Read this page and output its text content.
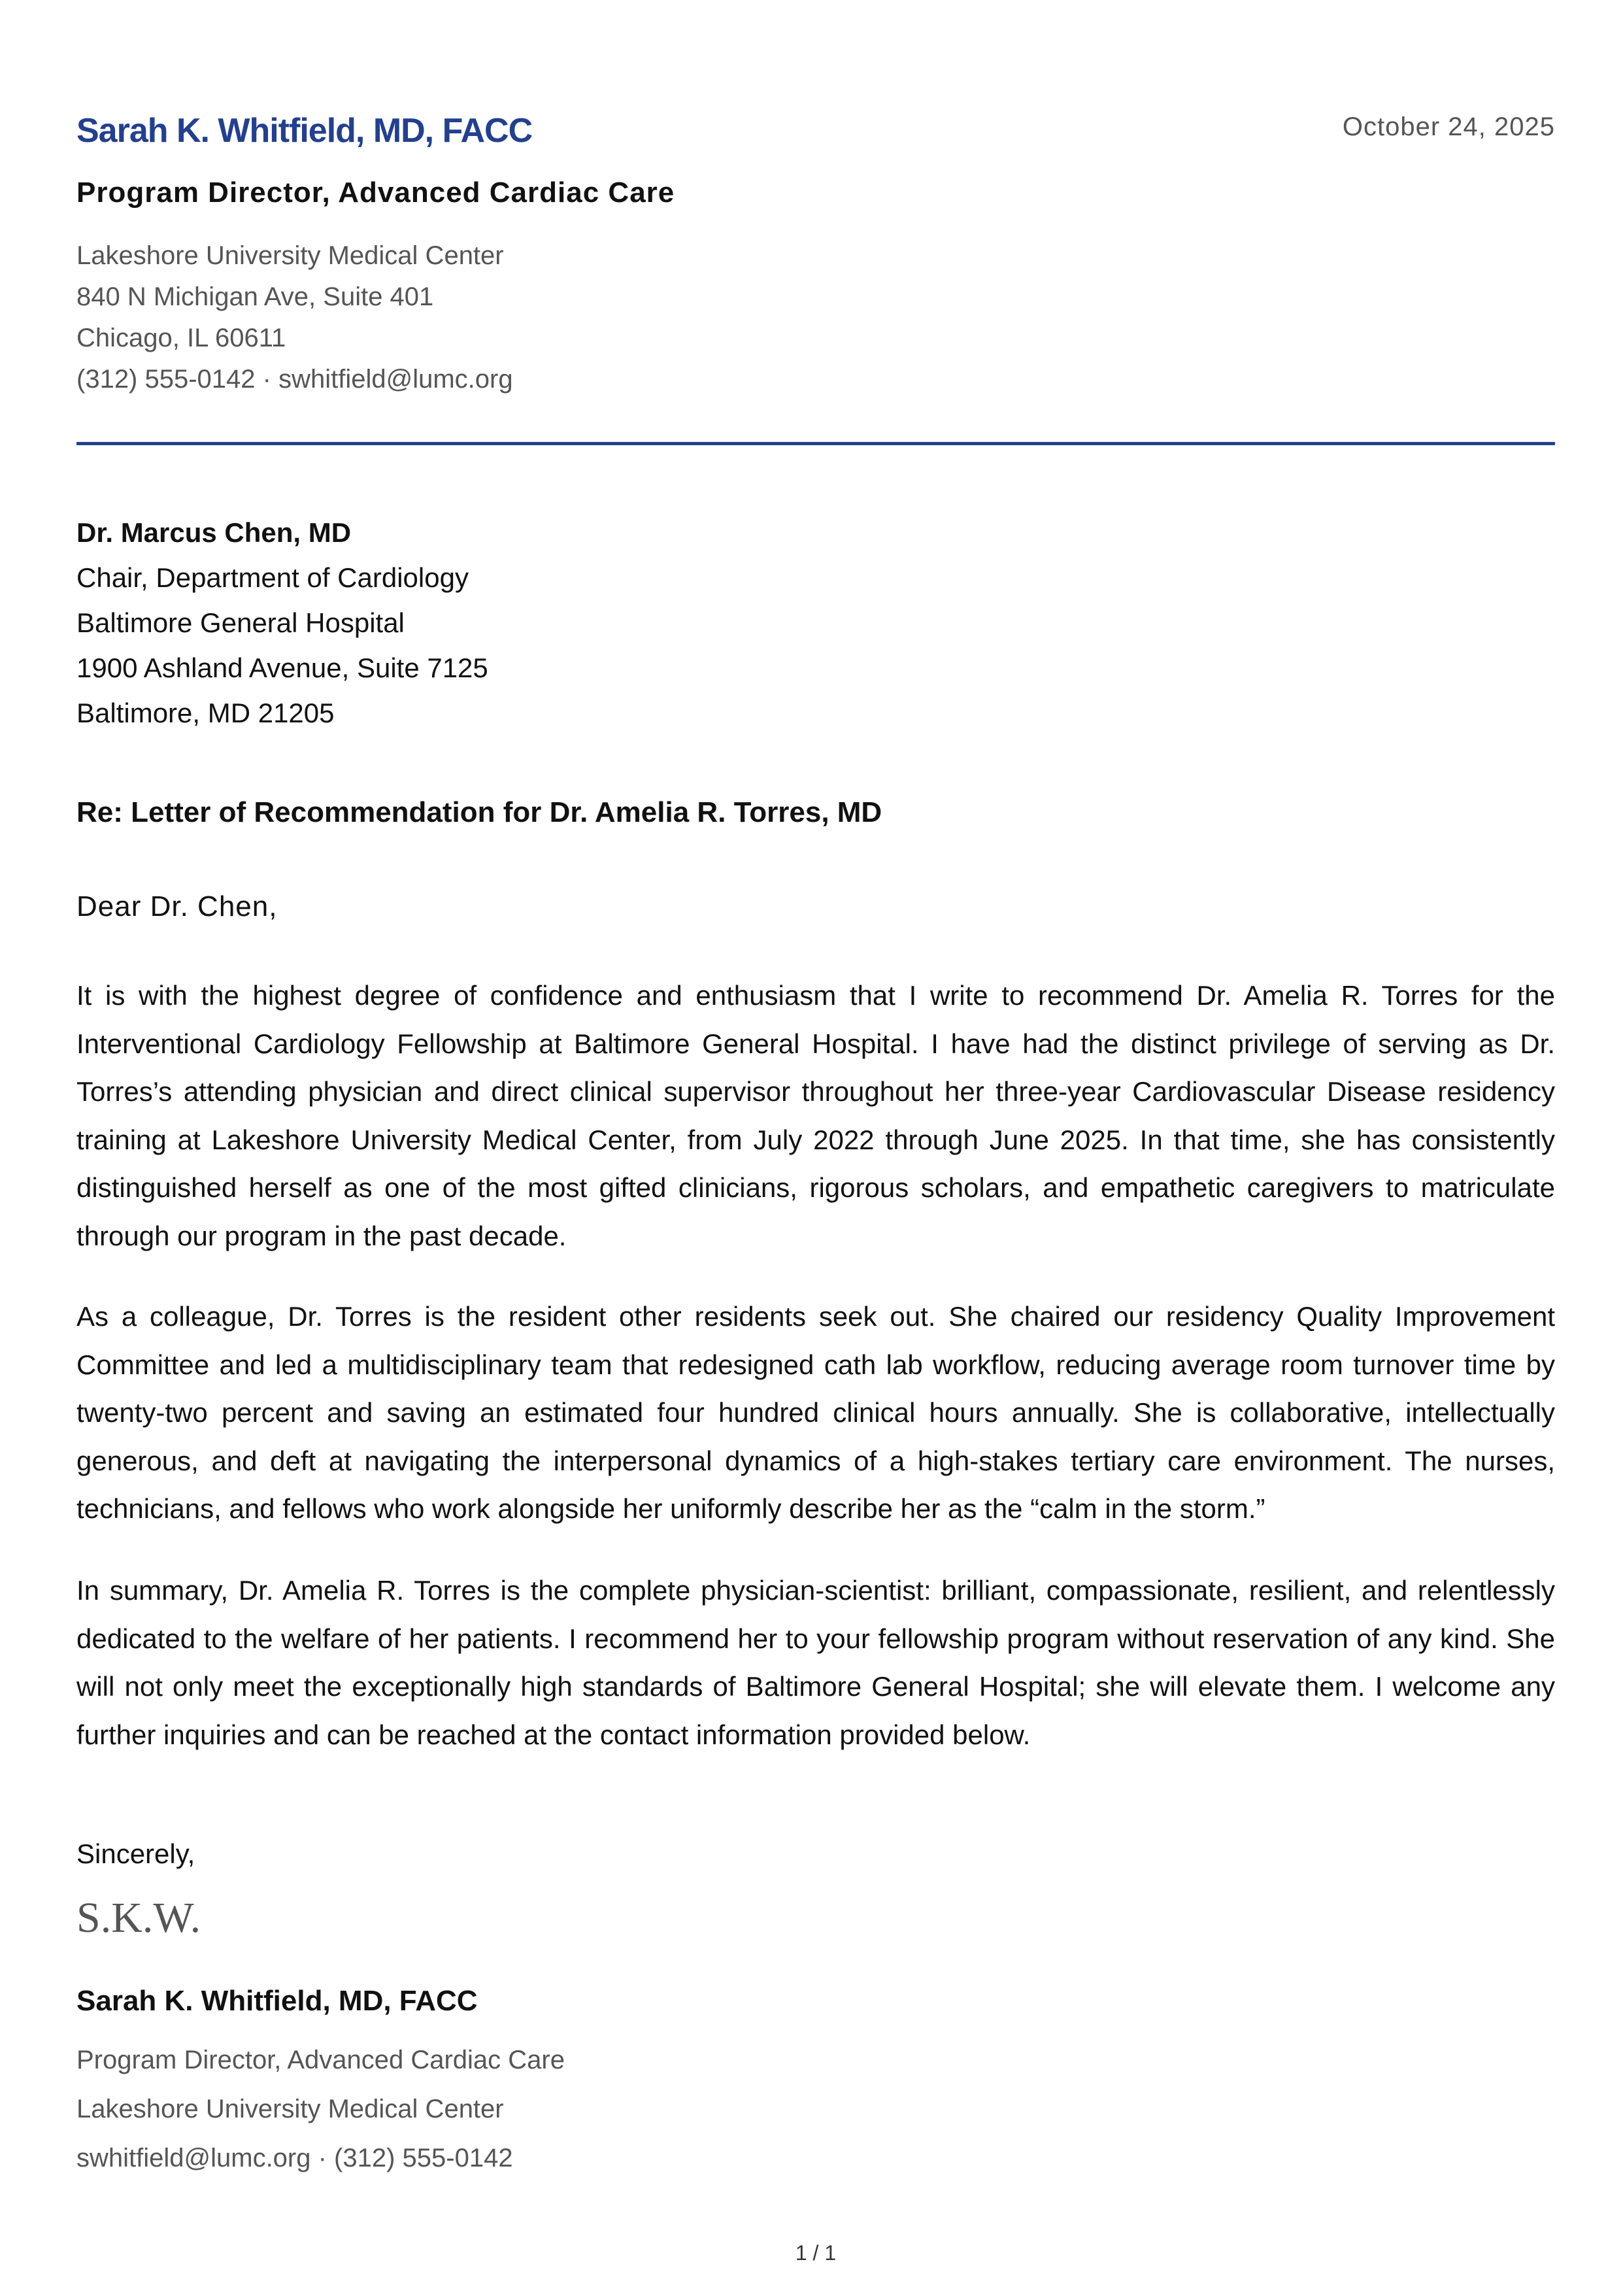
Sarah K. Whitfield, MD, FACC	October 24, 2025
Program Director, Advanced Cardiac Care
Lakeshore University Medical Center
840 N Michigan Ave, Suite 401
Chicago, IL 60611
(312) 555-0142 · swhitfield@lumc.org
Dr. Marcus Chen, MD
Chair, Department of Cardiology
Baltimore General Hospital
1900 Ashland Avenue, Suite 7125
Baltimore, MD 21205
Re: Letter of Recommendation for Dr. Amelia R. Torres, MD
Dear Dr. Chen,
It is with the highest degree of confidence and enthusiasm that I write to recommend Dr. Amelia R. Torres for the Interventional Cardiology Fellowship at Baltimore General Hospital. I have had the distinct privilege of serving as Dr. Torres’s attending physician and direct clinical supervisor throughout her three-year Cardiovascular Disease residency training at Lakeshore University Medical Center, from July 2022 through June 2025. In that time, she has consistently distinguished herself as one of the most gifted clinicians, rigorous scholars, and empathetic caregivers to matriculate through our program in the past decade.
As a colleague, Dr. Torres is the resident other residents seek out. She chaired our residency Quality Improvement Committee and led a multidisciplinary team that redesigned cath lab workflow, reducing average room turnover time by twenty-two percent and saving an estimated four hundred clinical hours annually. She is collaborative, intellectually generous, and deft at navigating the interpersonal dynamics of a high-stakes tertiary care environment. The nurses, technicians, and fellows who work alongside her uniformly describe her as the “calm in the storm.”
In summary, Dr. Amelia R. Torres is the complete physician-scientist: brilliant, compassionate, resilient, and relentlessly dedicated to the welfare of her patients. I recommend her to your fellowship program without reservation of any kind. She will not only meet the exceptionally high standards of Baltimore General Hospital; she will elevate them. I welcome any further inquiries and can be reached at the contact information provided below.
Sincerely,
S.K.W.
Sarah K. Whitfield, MD, FACC
Program Director, Advanced Cardiac Care
Lakeshore University Medical Center
swhitfield@lumc.org · (312) 555-0142
1 / 1
